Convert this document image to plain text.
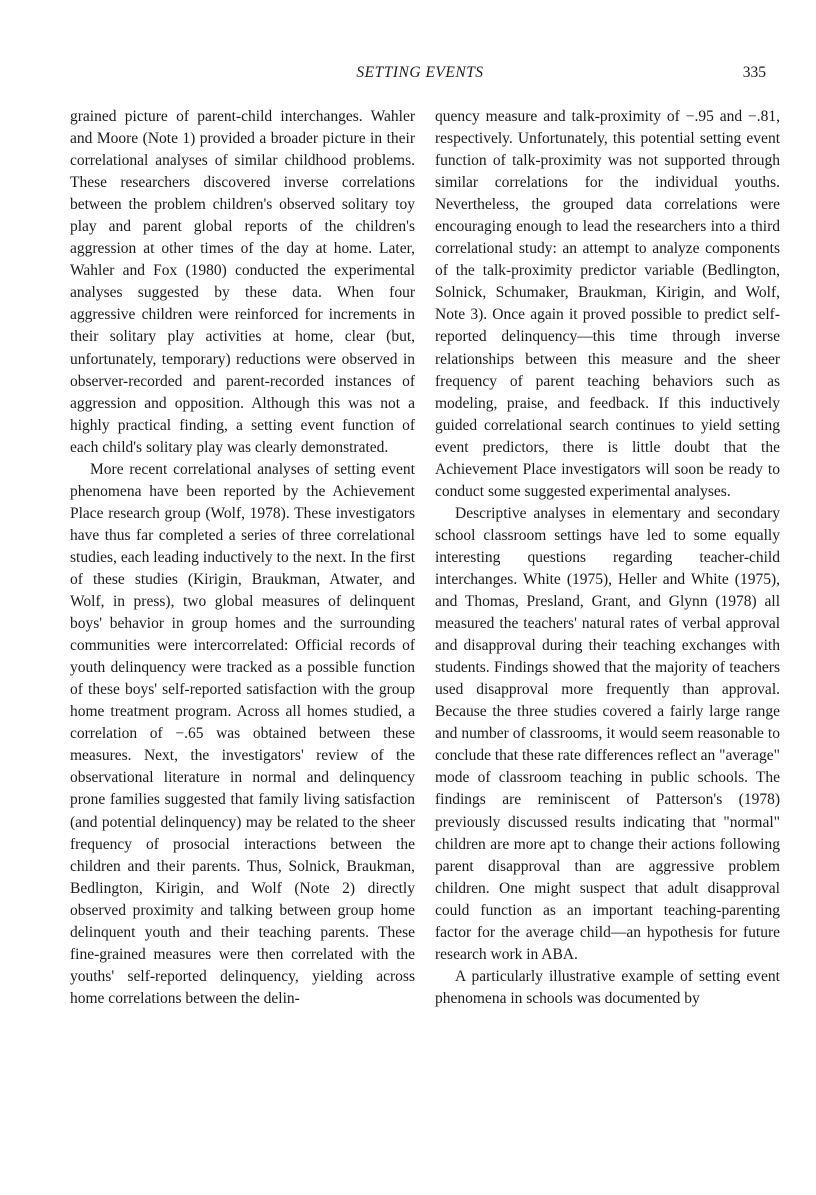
SETTING EVENTS	335

grained picture of parent-child interchanges. Wahler and Moore (Note 1) provided a broader picture in their correlational analyses of similar childhood problems. These researchers discovered inverse correlations between the problem children's observed solitary toy play and parent global reports of the children's aggression at other times of the day at home. Later, Wahler and Fox (1980) conducted the experimental analyses suggested by these data. When four aggressive children were reinforced for increments in their solitary play activities at home, clear (but, unfortunately, temporary) reductions were observed in observer-recorded and parent-recorded instances of aggression and opposition. Although this was not a highly practical finding, a setting event function of each child's solitary play was clearly demonstrated.

More recent correlational analyses of setting event phenomena have been reported by the Achievement Place research group (Wolf, 1978). These investigators have thus far completed a series of three correlational studies, each leading inductively to the next. In the first of these studies (Kirigin, Braukman, Atwater, and Wolf, in press), two global measures of delinquent boys' behavior in group homes and the surrounding communities were intercorrelated: Official records of youth delinquency were tracked as a possible function of these boys' self-reported satisfaction with the group home treatment program. Across all homes studied, a correlation of −.65 was obtained between these measures. Next, the investigators' review of the observational literature in normal and delinquency prone families suggested that family living satisfaction (and potential delinquency) may be related to the sheer frequency of prosocial interactions between the children and their parents. Thus, Solnick, Braukman, Bedlington, Kirigin, and Wolf (Note 2) directly observed proximity and talking between group home delinquent youth and their teaching parents. These fine-grained measures were then correlated with the youths' self-reported delinquency, yielding across home correlations between the delin-

quency measure and talk-proximity of −.95 and −.81, respectively. Unfortunately, this potential setting event function of talk-proximity was not supported through similar correlations for the individual youths. Nevertheless, the grouped data correlations were encouraging enough to lead the researchers into a third correlational study: an attempt to analyze components of the talk-proximity predictor variable (Bedlington, Solnick, Schumaker, Braukman, Kirigin, and Wolf, Note 3). Once again it proved possible to predict self-reported delinquency—this time through inverse relationships between this measure and the sheer frequency of parent teaching behaviors such as modeling, praise, and feedback. If this inductively guided correlational search continues to yield setting event predictors, there is little doubt that the Achievement Place investigators will soon be ready to conduct some suggested experimental analyses.

Descriptive analyses in elementary and secondary school classroom settings have led to some equally interesting questions regarding teacher-child interchanges. White (1975), Heller and White (1975), and Thomas, Presland, Grant, and Glynn (1978) all measured the teachers' natural rates of verbal approval and disapproval during their teaching exchanges with students. Findings showed that the majority of teachers used disapproval more frequently than approval. Because the three studies covered a fairly large range and number of classrooms, it would seem reasonable to conclude that these rate differences reflect an "average" mode of classroom teaching in public schools. The findings are reminiscent of Patterson's (1978) previously discussed results indicating that "normal" children are more apt to change their actions following parent disapproval than are aggressive problem children. One might suspect that adult disapproval could function as an important teaching-parenting factor for the average child—an hypothesis for future research work in ABA.

A particularly illustrative example of setting event phenomena in schools was documented by
